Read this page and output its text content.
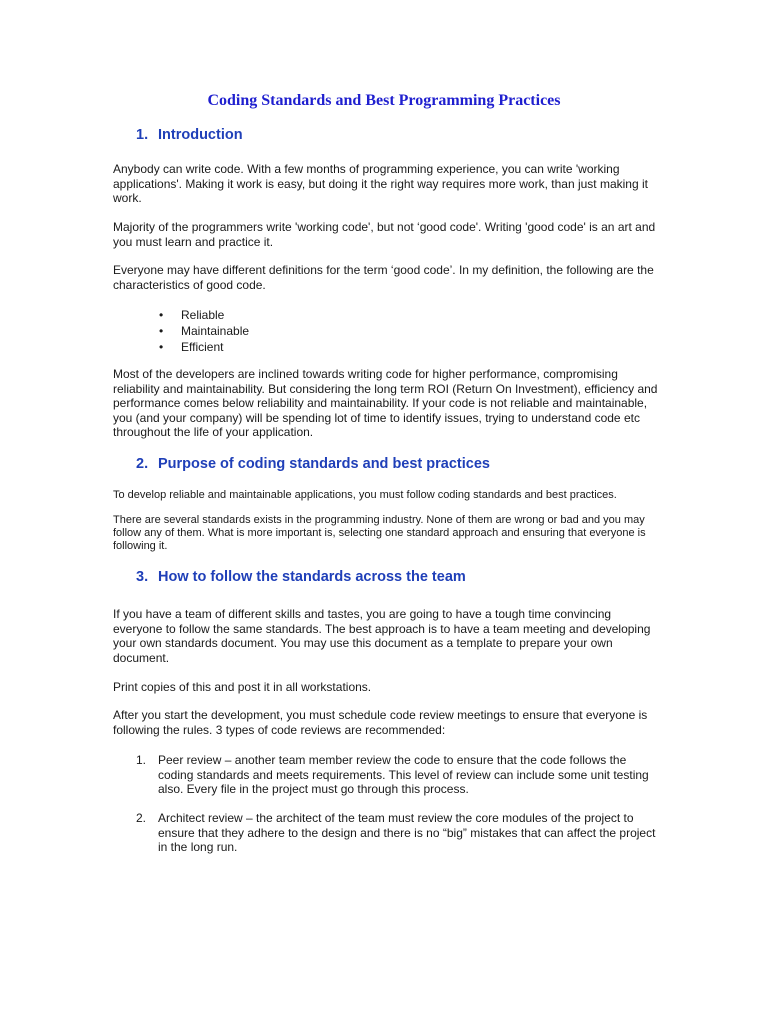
Coding Standards and Best Programming Practices
1. Introduction

Anybody can write code. With a few months of programming experience, you can write 'working applications'. Making it work is easy, but doing it the right way requires more work, than just making it work.

Majority of the programmers write 'working code', but not ‘good code'. Writing 'good code' is an art and you must learn and practice it.

Everyone may have different definitions for the term ‘good code’. In my definition, the following are the characteristics of good code.

• Reliable
• Maintainable
• Efficient

Most of the developers are inclined towards writing code for higher performance, compromising reliability and maintainability. But considering the long term ROI (Return On Investment), efficiency and performance comes below reliability and maintainability. If your code is not reliable and maintainable, you (and your company) will be spending lot of time to identify issues, trying to understand code etc throughout the life of your application.

2. Purpose of coding standards and best practices

To develop reliable and maintainable applications, you must follow coding standards and best practices.

There are several standards exists in the programming industry. None of them are wrong or bad and you may follow any of them. What is more important is, selecting one standard approach and ensuring that everyone is following it.

3. How to follow the standards across the team

If you have a team of different skills and tastes, you are going to have a tough time convincing everyone to follow the same standards. The best approach is to have a team meeting and developing your own standards document. You may use this document as a template to prepare your own document.

Print copies of this and post it in all workstations.

After you start the development, you must schedule code review meetings to ensure that everyone is following the rules. 3 types of code reviews are recommended:

1. Peer review – another team member review the code to ensure that the code follows the coding standards and meets requirements. This level of review can include some unit testing also. Every file in the project must go through this process.
2. Architect review – the architect of the team must review the core modules of the project to ensure that they adhere to the design and there is no “big” mistakes that can affect the project in the long run.
